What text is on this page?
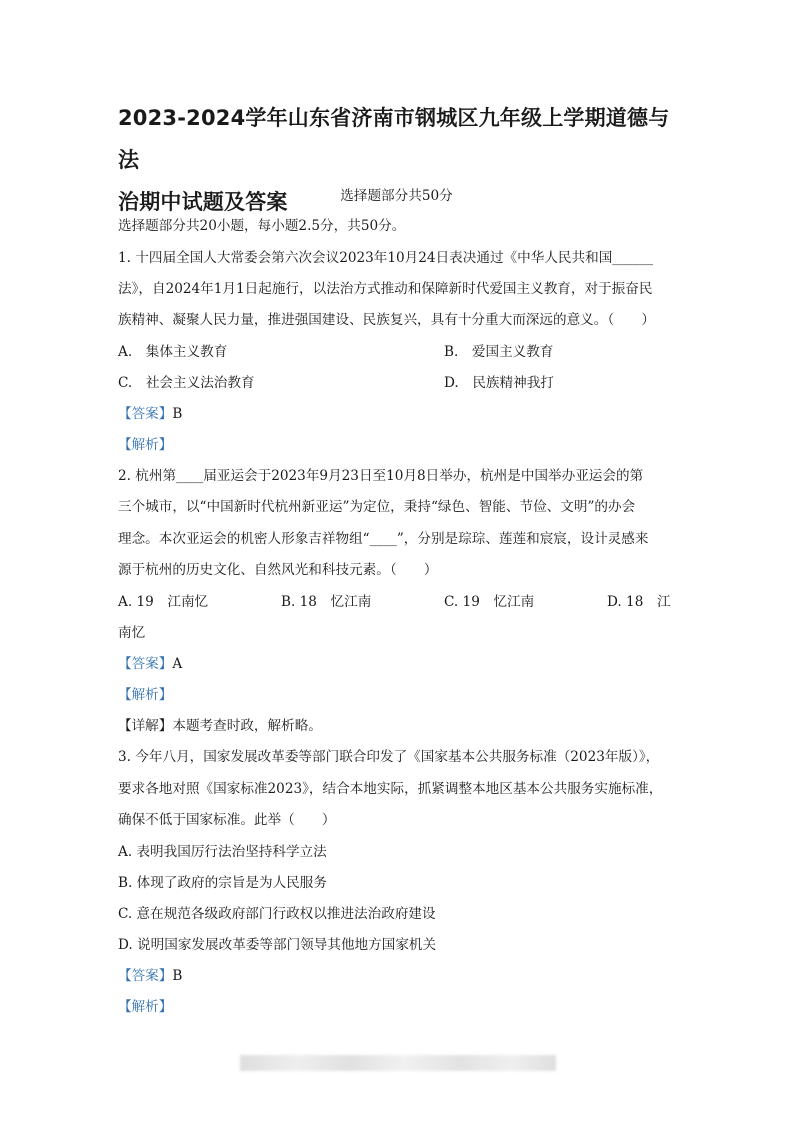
2023-2024学年山东省济南市钢城区九年级上学期道德与法
治期中试题及答案	选择题部分共50分
选择题部分共20小题，每小题2.5分，共50分。
1. 十四届全国人大常委会第六次会议2023年10月24日表决通过《中华人民共和国______
法》，自2024年1月1日起施行，以法治方式推动和保障新时代爱国主义教育，对于振奋民
族精神、凝聚人民力量，推进强国建设、民族复兴，具有十分重大而深远的意义。（　　）
A.　集体主义教育	B.　爱国主义教育
C.　社会主义法治教育	D.　民族精神我打
【答案】B
【解析】
2. 杭州第____届亚运会于2023年9月23日至10月8日举办，杭州是中国举办亚运会的第
三个城市，以“中国新时代杭州新亚运”为定位，秉持“绿色、智能、节俭、文明”的办会
理念。本次亚运会的机密人形象吉祥物组“____”，分别是琮琮、莲莲和宸宸，设计灵感来
源于杭州的历史文化、自然风光和科技元素。（　　）
A. 19　江南忆	B. 18　忆江南	C. 19　忆江南	D. 18　江
南忆
【答案】A
【解析】
【详解】本题考查时政，解析略。
3. 今年八月，国家发展改革委等部门联合印发了《国家基本公共服务标准（2023年版）》，
要求各地对照《国家标准2023》，结合本地实际，抓紧调整本地区基本公共服务实施标准，
确保不低于国家标准。此举（　　）
A. 表明我国厉行法治坚持科学立法
B. 体现了政府的宗旨是为人民服务
C. 意在规范各级政府部门行政权以推进法治政府建设
D. 说明国家发展改革委等部门领导其他地方国家机关
【答案】B
【解析】
